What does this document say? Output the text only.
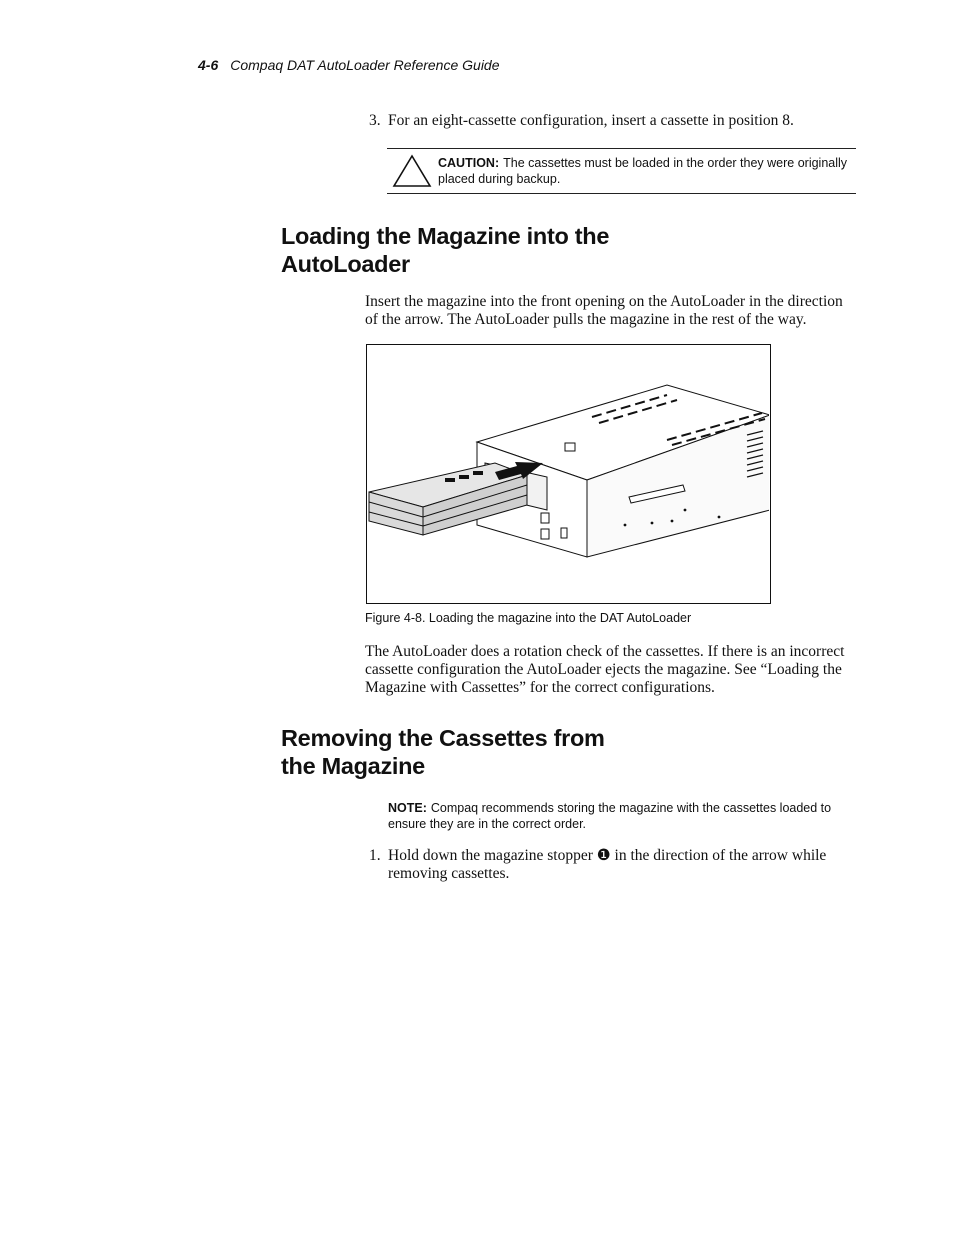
4-6 Compaq DAT AutoLoader Reference Guide
3. For an eight-cassette configuration, insert a cassette in position 8.
CAUTION: The cassettes must be loaded in the order they were originally placed during backup.
Loading the Magazine into the
AutoLoader
Insert the magazine into the front opening on the AutoLoader in the direction of the arrow. The AutoLoader pulls the magazine in the rest of the way.
Figure 4-8. Loading the magazine into the DAT AutoLoader
The AutoLoader does a rotation check of the cassettes. If there is an incorrect cassette configuration the AutoLoader ejects the magazine. See “Loading the Magazine with Cassettes” for the correct configurations.
Removing the Cassettes from
the Magazine
NOTE: Compaq recommends storing the magazine with the cassettes loaded to ensure they are in the correct order.
1. Hold down the magazine stopper ❶ in the direction of the arrow while removing cassettes.
